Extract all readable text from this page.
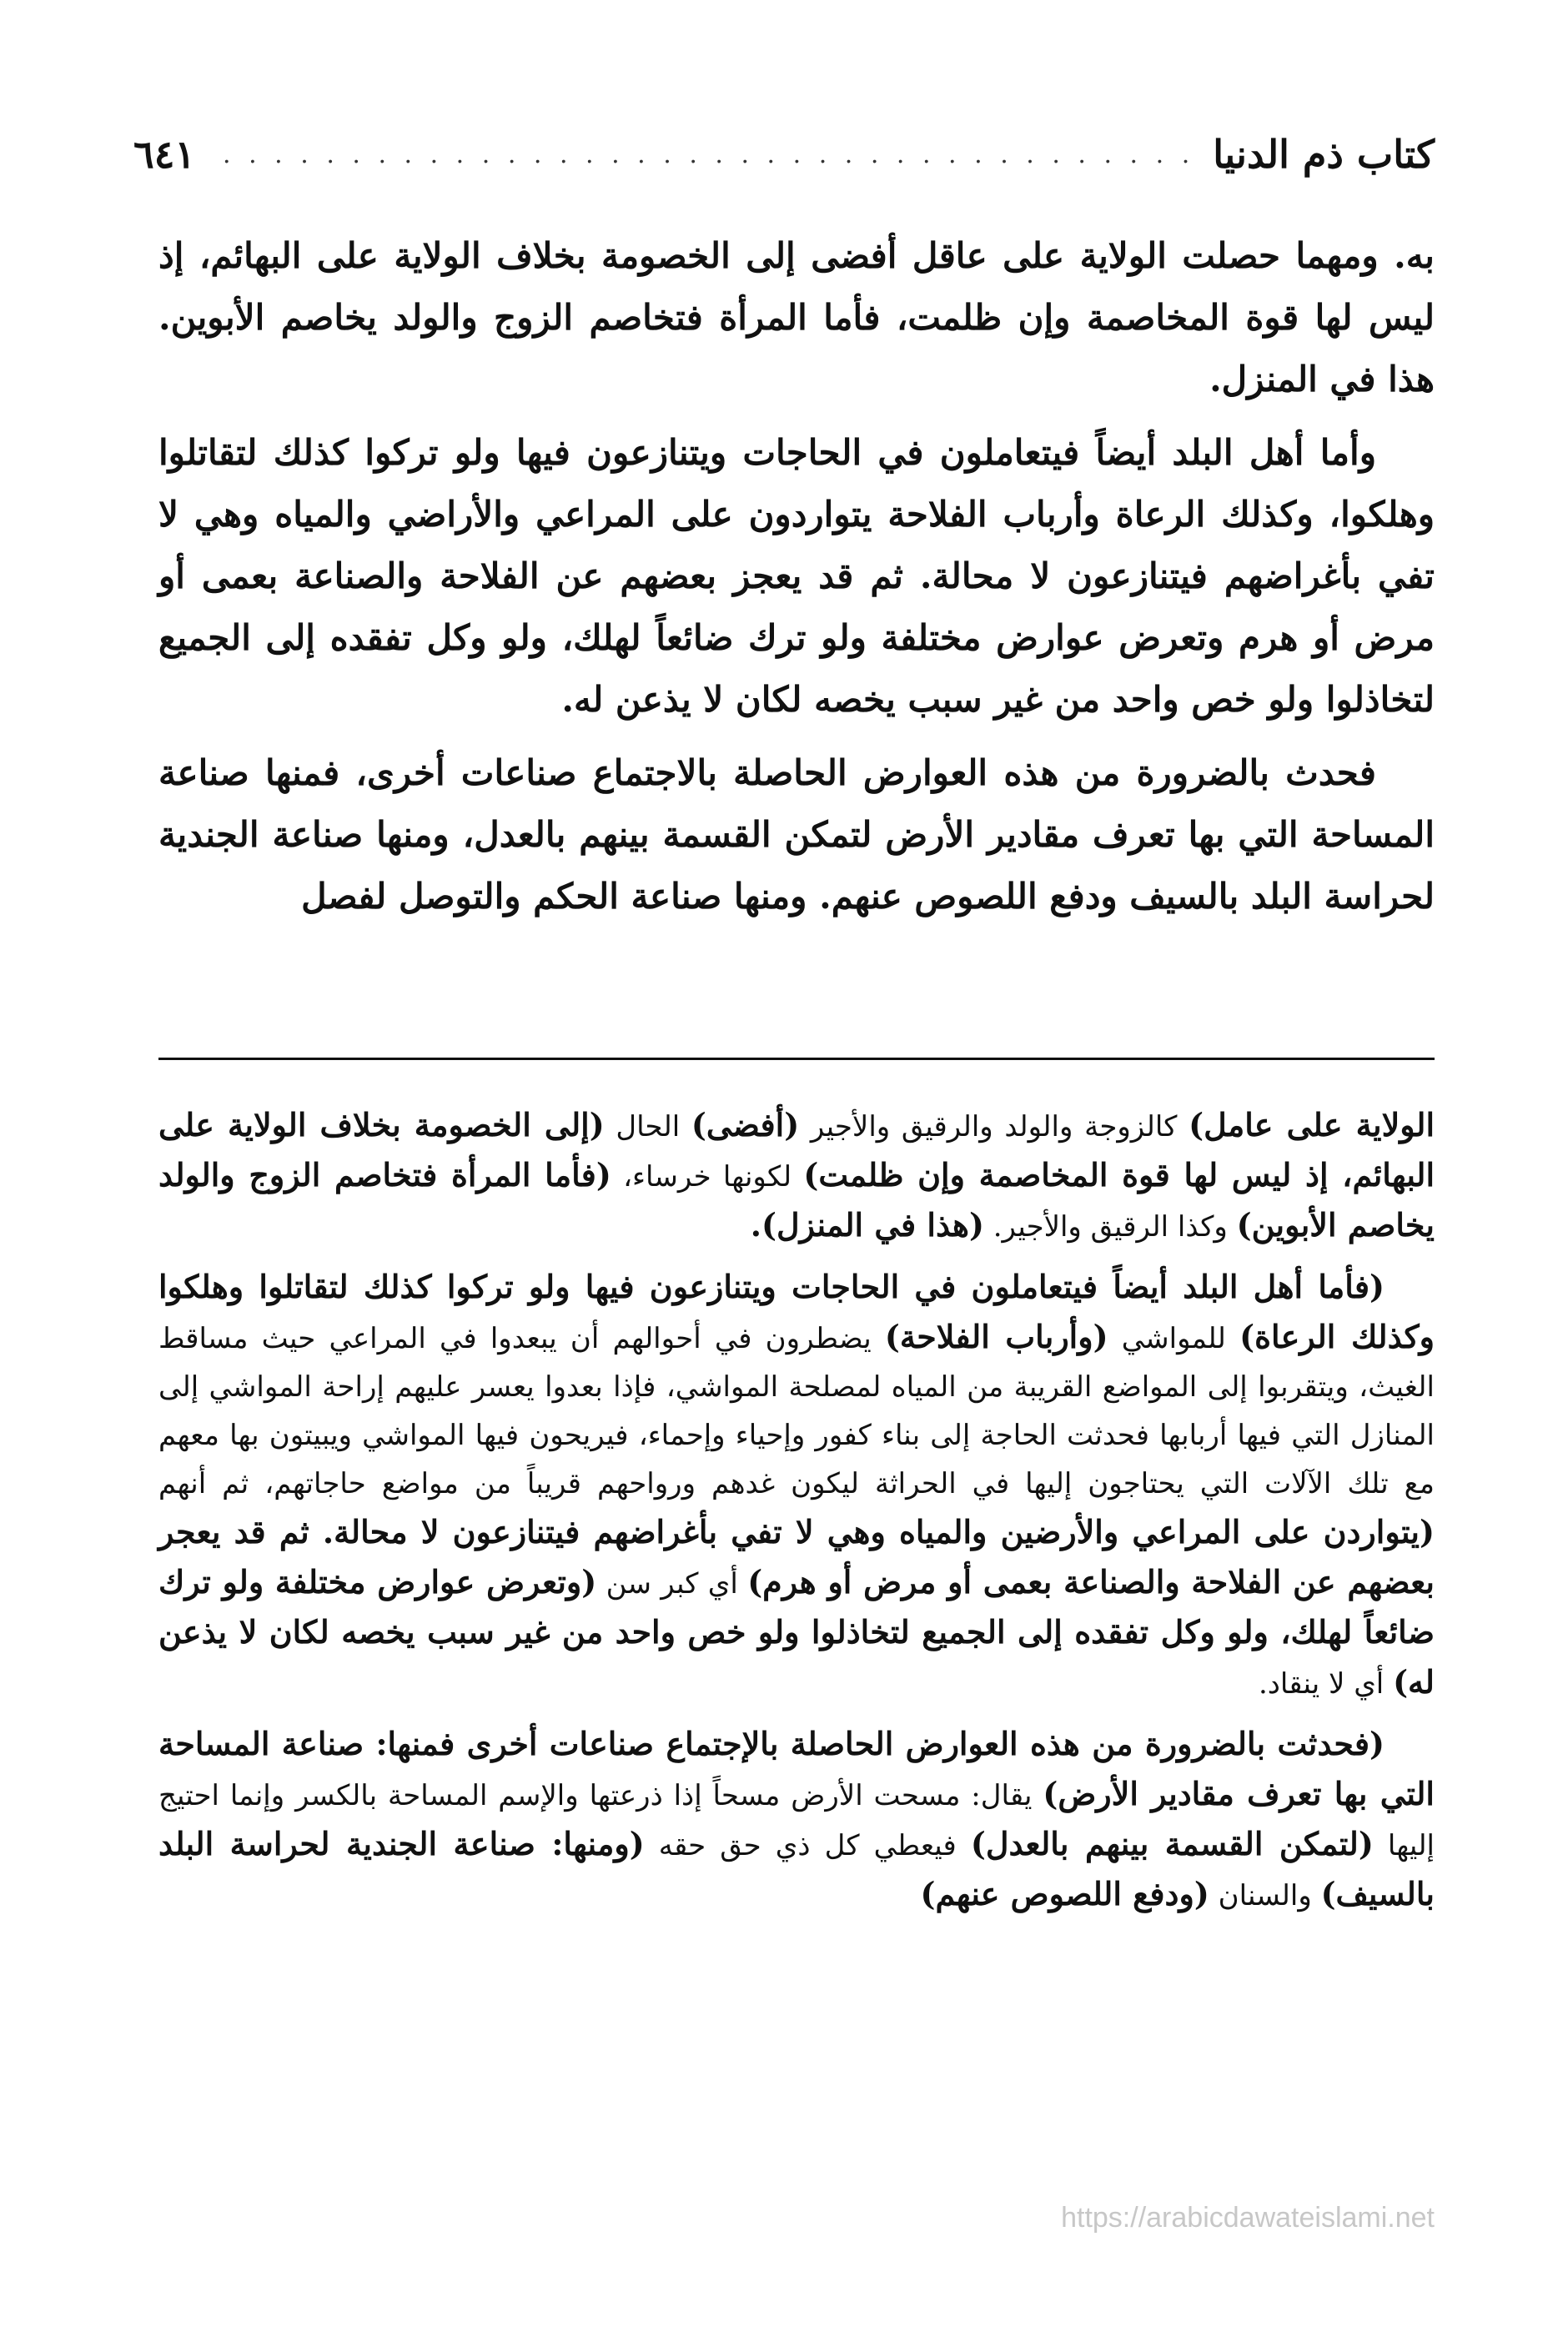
كتاب ذم الدنيا
. . .
٦٤١

به. ومهما حصلت الولاية على عاقل أفضى إلى الخصومة بخلاف الولاية على البهائم، إذ ليس لها قوة المخاصمة وإن ظلمت، فأما المرأة فتخاصم الزوج والولد يخاصم الأبوين. هذا في المنزل.

وأما أهل البلد أيضاً فيتعاملون في الحاجات ويتنازعون فيها ولو تركوا كذلك لتقاتلوا وهلكوا، وكذلك الرعاة وأرباب الفلاحة يتواردون على المراعي والأراضي والمياه وهي لا تفي بأغراضهم فيتنازعون لا محالة. ثم قد يعجز بعضهم عن الفلاحة والصناعة بعمى أو مرض أو هرم وتعرض عوارض مختلفة ولو ترك ضائعاً لهلك، ولو وكل تفقده إلى الجميع لتخاذلوا ولو خص واحد من غير سبب يخصه لكان لا يذعن له.

فحدث بالضرورة من هذه العوارض الحاصلة بالاجتماع صناعات أخرى، فمنها صناعة المساحة التي بها تعرف مقادير الأرض لتمكن القسمة بينهم بالعدل، ومنها صناعة الجندية لحراسة البلد بالسيف ودفع اللصوص عنهم. ومنها صناعة الحكم والتوصل لفصل

الولاية على عامل) كالزوجة والولد والرقيق والأجير (أفضى) الحال (إلى الخصومة بخلاف الولاية على البهائم، إذ ليس لها قوة المخاصمة وإن ظلمت) لكونها خرساء، (فأما المرأة فتخاصم الزوج والولد يخاصم الأبوين) وكذا الرقيق والأجير. (هذا في المنزل).

(فأما أهل البلد أيضاً فيتعاملون في الحاجات ويتنازعون فيها ولو تركوا كذلك لتقاتلوا وهلكوا وكذلك الرعاة) للمواشي (وأرباب الفلاحة) يضطرون في أحوالهم أن يبعدوا في المراعي حيث مساقط الغيث، ويتقربوا إلى المواضع القريبة من المياه لمصلحة المواشي، فإذا بعدوا يعسر عليهم إراحة المواشي إلى المنازل التي فيها أربابها فحدثت الحاجة إلى بناء كفور وإحياء وإحماء، فيريحون فيها المواشي ويبيتون بها معهم مع تلك الآلات التي يحتاجون إليها في الحراثة ليكون غدهم ورواحهم قريباً من مواضع حاجاتهم، ثم أنهم (يتواردن على المراعي والأرضين والمياه وهي لا تفي بأغراضهم فيتنازعون لا محالة. ثم قد يعجر بعضهم عن الفلاحة والصناعة بعمى أو مرض أو هرم) أي كبر سن (وتعرض عوارض مختلفة ولو ترك ضائعاً لهلك، ولو وكل تفقده إلى الجميع لتخاذلوا ولو خص واحد من غير سبب يخصه لكان لا يذعن له) أي لا ينقاد.

(فحدثت بالضرورة من هذه العوارض الحاصلة بالإجتماع صناعات أخرى فمنها: صناعة المساحة التي بها تعرف مقادير الأرض) يقال: مسحت الأرض مسحاً إذا ذرعتها والإسم المساحة بالكسر وإنما احتيج إليها (لتمكن القسمة بينهم بالعدل) فيعطي كل ذي حق حقه (ومنها: صناعة الجندية لحراسة البلد بالسيف) والسنان (ودفع اللصوص عنهم)

https://arabicdawateislami.net
